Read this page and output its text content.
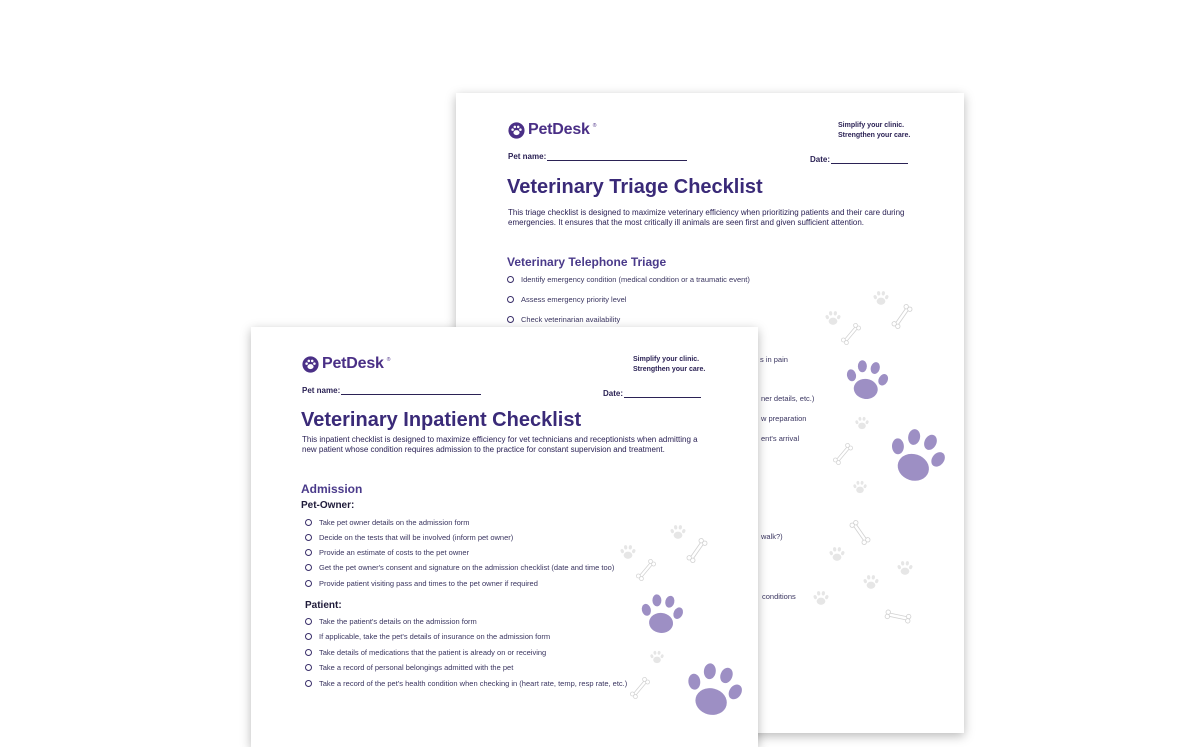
PetDesk ®	Simplify your clinic.
Strengthen your care.
Pet name:	Date:
Veterinary Triage Checklist
This triage checklist is designed to maximize veterinary efficiency when prioritizing patients and their care during emergencies. It ensures that the most critically ill animals are seen first and given sufficient attention.
Veterinary Telephone Triage
Identify emergency condition (medical condition or a traumatic event)
Assess emergency priority level
Check veterinarian availability
s in pain
ner details, etc.)
w preparation
ent's arrival
walk?)
conditions
PetDesk ®	Simplify your clinic.
Strengthen your care.
Pet name:	Date:
Veterinary Inpatient Checklist
This inpatient checklist is designed to maximize efficiency for vet technicians and receptionists when admitting a new patient whose condition requires admission to the practice for constant supervision and treatment.
Admission
Pet-Owner:
Take pet owner details on the admission form
Decide on the tests that will be involved (inform pet owner)
Provide an estimate of costs to the pet owner
Get the pet owner's consent and signature on the admission checklist (date and time too)
Provide patient visiting pass and times to the pet owner if required
Patient:
Take the patient's details on the admission form
If applicable, take the pet's details of insurance on the admission form
Take details of medications that the patient is already on or receiving
Take a record of personal belongings admitted with the pet
Take a record of the pet's health condition when checking in (heart rate, temp, resp rate, etc.)
